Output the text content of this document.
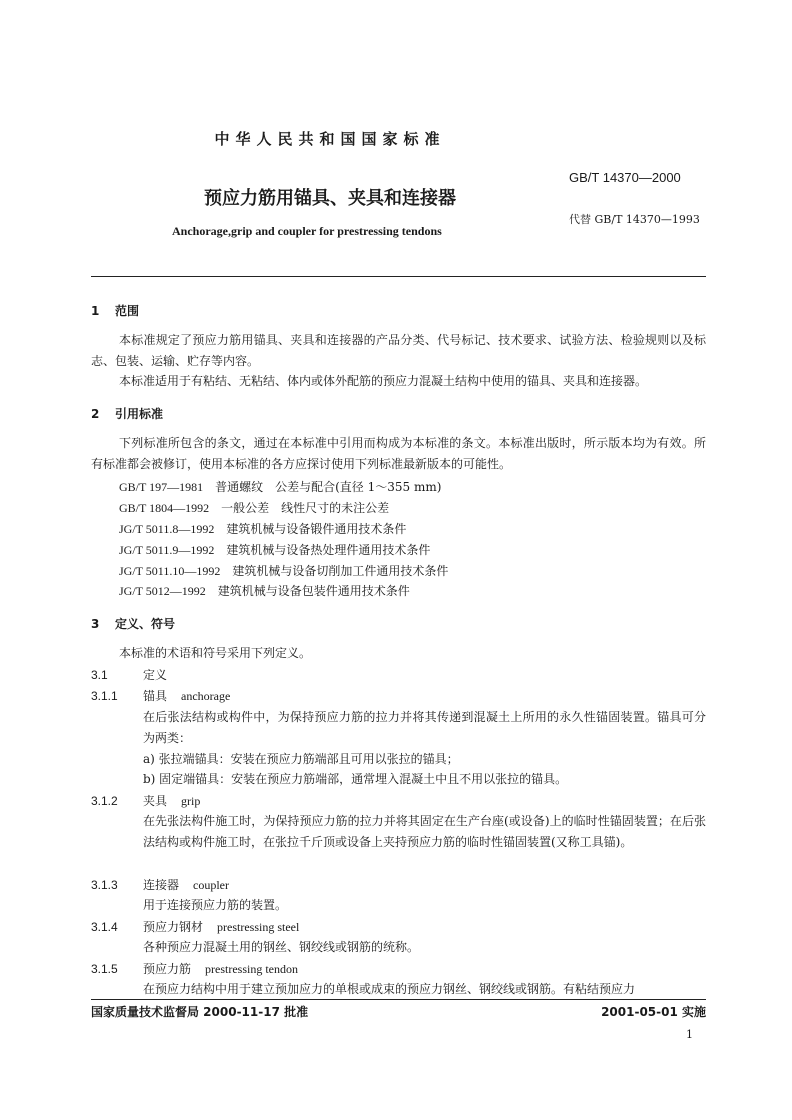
中华人民共和国国家标准
GB/T 14370—2000
预应力筋用锚具、夹具和连接器
代替 GB/T 14370—1993
Anchorage,grip and coupler for prestressing tendons
1 范围
本标准规定了预应力筋用锚具、夹具和连接器的产品分类、代号标记、技术要求、试验方法、检验规则以及标志、包装、运输、贮存等内容。
本标准适用于有粘结、无粘结、体内或体外配筋的预应力混凝土结构中使用的锚具、夹具和连接器。
2 引用标准
下列标准所包含的条文，通过在本标准中引用而构成为本标准的条文。本标准出版时，所示版本均为有效。所有标准都会被修订，使用本标准的各方应探讨使用下列标准最新版本的可能性。
GB/T 197—1981 普通螺纹　公差与配合(直径 1～355 mm)
GB/T 1804—1992 一般公差　线性尺寸的未注公差
JG/T 5011.8—1992 建筑机械与设备锻件通用技术条件
JG/T 5011.9—1992 建筑机械与设备热处理件通用技术条件
JG/T 5011.10—1992 建筑机械与设备切削加工件通用技术条件
JG/T 5012—1992 建筑机械与设备包装件通用技术条件
3 定义、符号
本标准的术语和符号采用下列定义。
3.1	定义
3.1.1 锚具 anchorage
在后张法结构或构件中，为保持预应力筋的拉力并将其传递到混凝土上所用的永久性锚固装置。锚具可分为两类：
a) 张拉端锚具：安装在预应力筋端部且可用以张拉的锚具；
b) 固定端锚具：安装在预应力筋端部，通常埋入混凝土中且不用以张拉的锚具。
3.1.2 夹具 grip
在先张法构件施工时，为保持预应力筋的拉力并将其固定在生产台座(或设备)上的临时性锚固装置；在后张法结构或构件施工时，在张拉千斤顶或设备上夹持预应力筋的临时性锚固装置(又称工具锚)。
3.1.3 连接器 coupler
用于连接预应力筋的装置。
3.1.4 预应力钢材 prestressing steel
各种预应力混凝土用的钢丝、钢绞线或钢筋的统称。
3.1.5 预应力筋 prestressing tendon
在预应力结构中用于建立预加应力的单根或成束的预应力钢丝、钢绞线或钢筋。有粘结预应力
国家质量技术监督局 2000-11-17 批准	2001-05-01 实施
1
